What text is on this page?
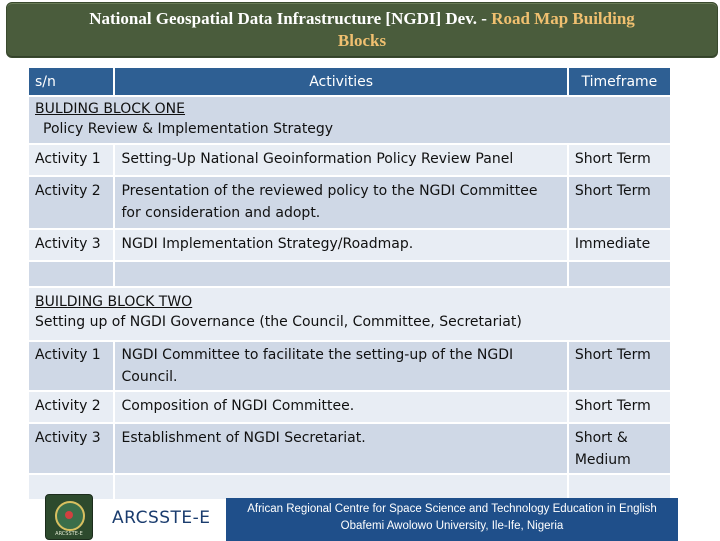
National Geospatial Data Infrastructure [NGDI] Dev. - Road Map Building
Blocks
s/n	Activities	Timeframe

BULDING BLOCK ONE
Policy Review & Implementation Strategy		

Activity 1	Setting-Up National Geoinformation Policy Review Panel	Short Term
Activity 2	Presentation of the reviewed policy to the NGDI Committee for consideration and adopt.	Short Term
Activity 3	NGDI Implementation Strategy/Roadmap.	Immediate

BUILDING BLOCK TWO
Setting up of NGDI Governance (the Council, Committee, Secretariat)		

Activity 1	NGDI Committee to facilitate the setting-up of the NGDI Council.	Short Term
Activity 2	Composition of NGDI Committee.	Short Term
Activity 3	Establishment of NGDI Secretariat.	Short & Medium

ARCSSTE-E
ARCSSTE-E	African Regional Centre for Space Science and Technology Education in English
Obafemi Awolowo University, Ile-Ife, Nigeria
